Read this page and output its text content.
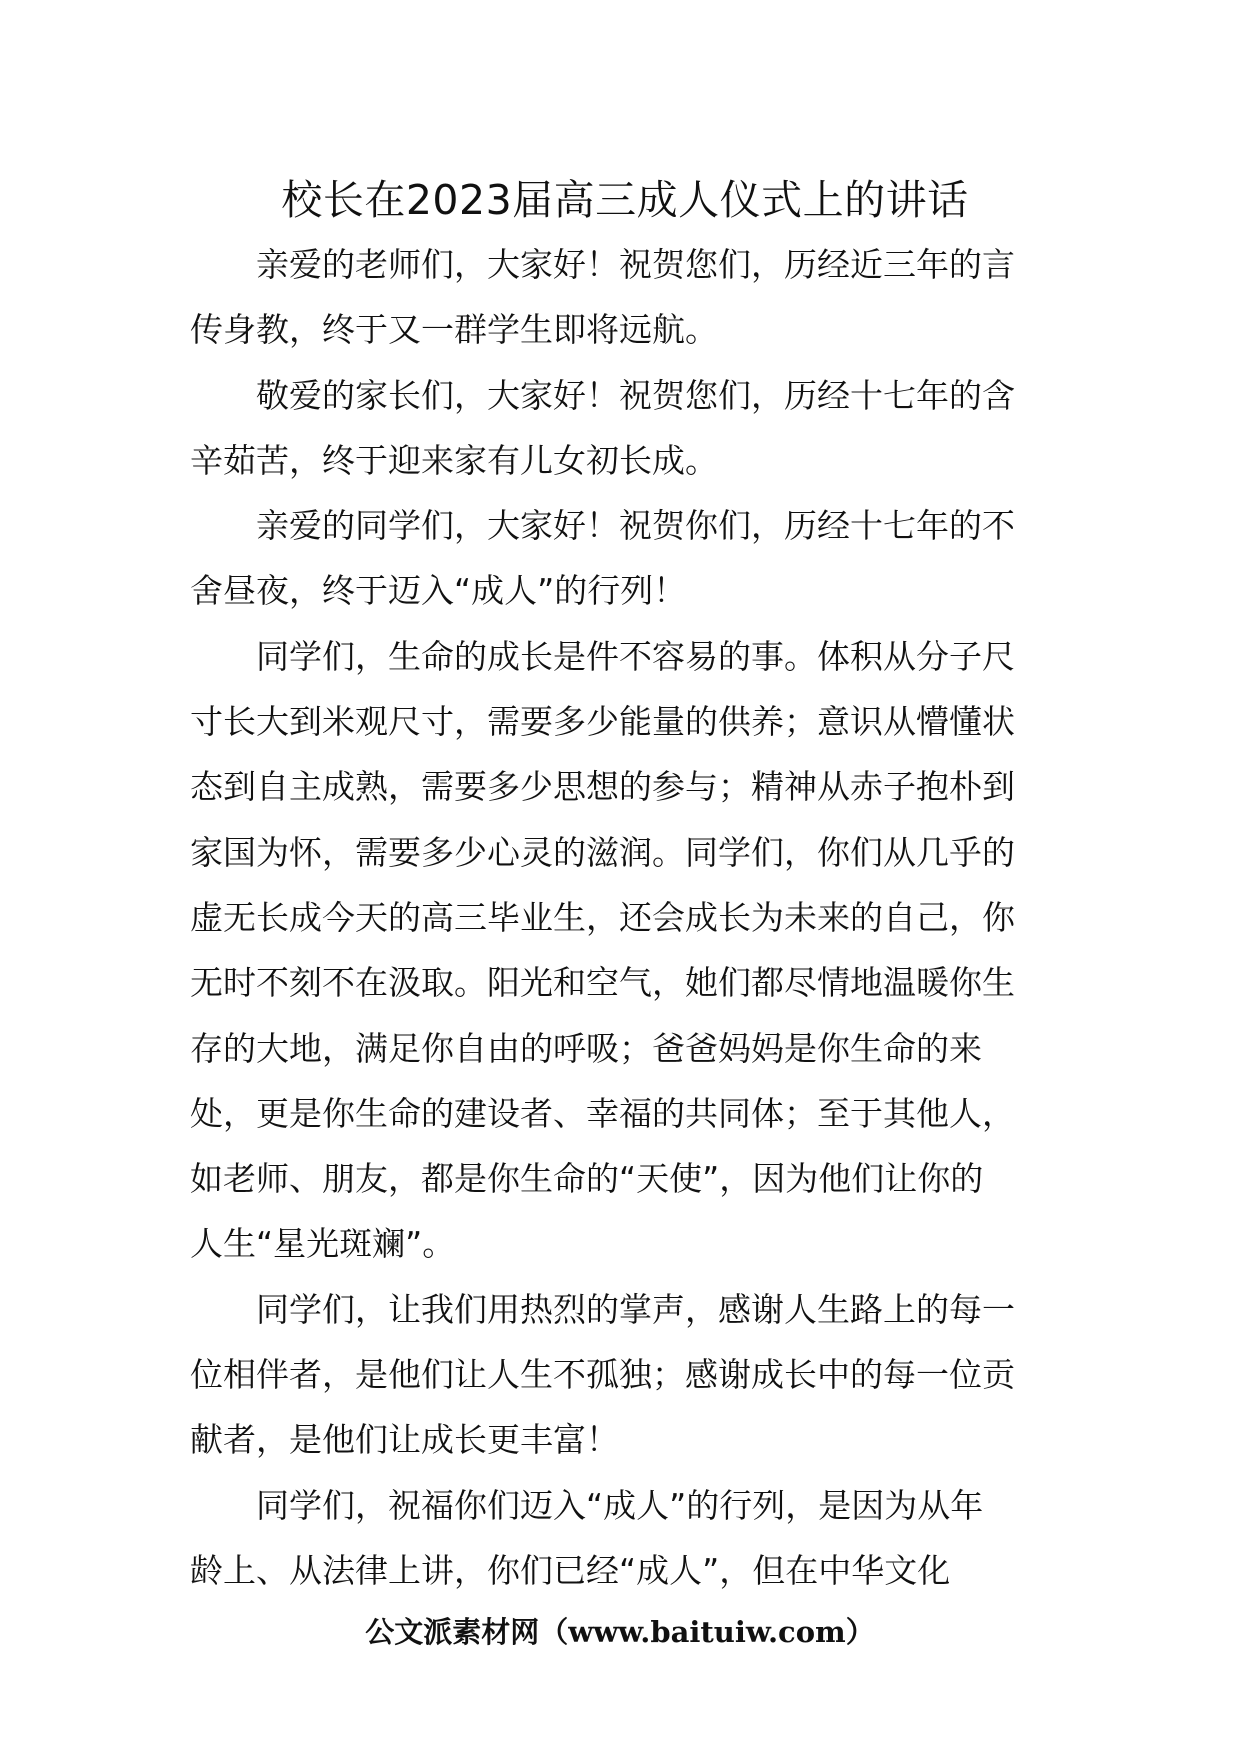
校长在2023届高三成人仪式上的讲话

亲爱的老师们，大家好！祝贺您们，历经近三年的言
传身教，终于又一群学生即将远航。

敬爱的家长们，大家好！祝贺您们，历经十七年的含
辛茹苦，终于迎来家有儿女初长成。

亲爱的同学们，大家好！祝贺你们，历经十七年的不
舍昼夜，终于迈入“成人”的行列！

同学们，生命的成长是件不容易的事。体积从分子尺
寸长大到米观尺寸，需要多少能量的供养；意识从懵懂状
态到自主成熟，需要多少思想的参与；精神从赤子抱朴到
家国为怀，需要多少心灵的滋润。同学们，你们从几乎的
虚无长成今天的高三毕业生，还会成长为未来的自己，你
无时不刻不在汲取。阳光和空气，她们都尽情地温暖你生
存的大地，满足你自由的呼吸；爸爸妈妈是你生命的来
处，更是你生命的建设者、幸福的共同体；至于其他人，
如老师、朋友，都是你生命的“天使”，因为他们让你的
人生“星光斑斓”。

同学们，让我们用热烈的掌声，感谢人生路上的每一
位相伴者，是他们让人生不孤独；感谢成长中的每一位贡
献者，是他们让成长更丰富！

同学们，祝福你们迈入“成人”的行列，是因为从年
龄上、从法律上讲，你们已经“成人”，但在中华文化

公文派素材网（www.baituiw.com）
